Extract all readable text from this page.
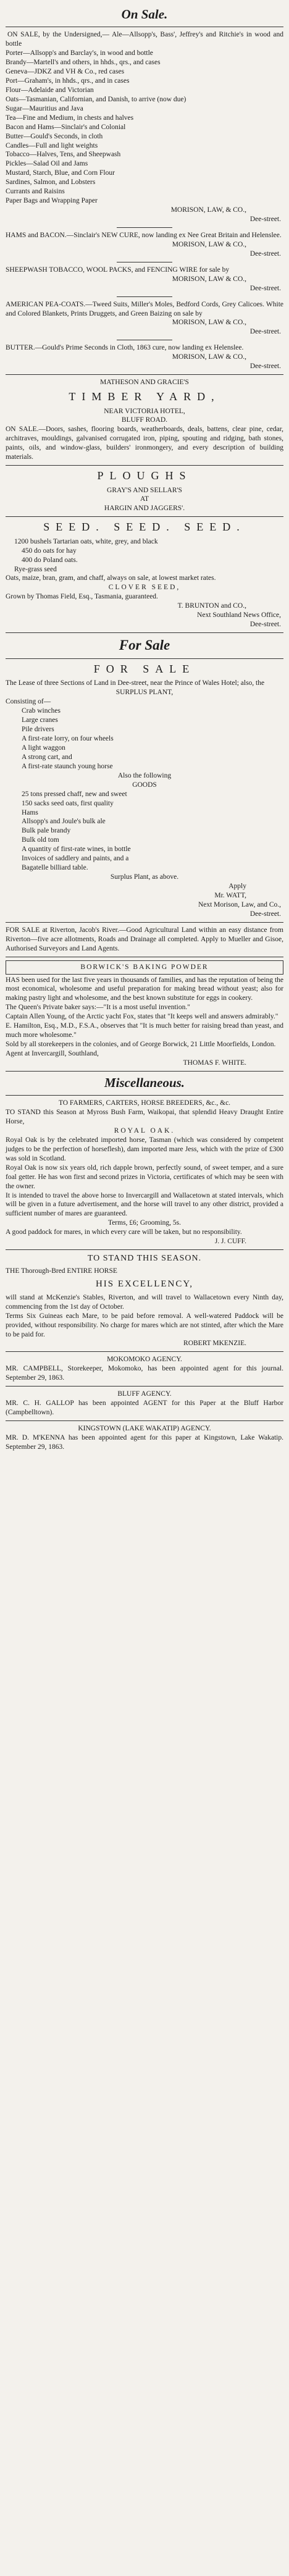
On Sale.

ON SALE, by the Undersigned,— Ale—Allsopp's, Bass', Jeffrey's and Ritchie's in wood and bottle

Porter—Allsopp's and Barclay's, in wood and bottle

Brandy—Martell's and others, in hhds., qrs., and cases

Geneva—JDKZ and VH & Co., red cases

Port—Graham's, in hhds., qrs., and in cases

Flour—Adelaide and Victorian

Oats—Tasmanian, Californian, and Danish, to arrive (now due)

Sugar—Mauritius and Java

Tea—Fine and Medium, in chests and halves

Bacon and Hams—Sinclair's and Colonial

Butter—Gould's Seconds, in cloth

Candles—Full and light weights

Tobacco—Halves, Tens, and Sheepwash

Pickles—Salad Oil and Jams

Mustard, Starch, Blue, and Corn Flour

Sardines, Salmon, and Lobsters

Currants and Raisins

Paper Bags and Wrapping Paper

MORISON, LAW, & CO.,

Dee-street.

HAMS and BACON.—Sinclair's NEW CURE, now landing ex Nee Great Britain and Helenslee.

MORISON, LAW & CO.,

Dee-street.

SHEEPWASH TOBACCO, WOOL PACKS, and FENCING WIRE for sale by

MORISON, LAW & CO.,

Dee-street.

AMERICAN PEA-COATS.—Tweed Suits, Miller's Moles, Bedford Cords, Grey Calicoes. White and Colored Blankets, Prints Druggets, and Green Baizing on sale by

MORISON, LAW & CO.,

Dee-street.

BUTTER.—Gould's Prime Seconds in Cloth, 1863 cure, now landing ex Helenslee.

MORISON, LAW & CO.,

Dee-street.

MATHESON AND GRACIE'S

TIMBER YARD,

NEAR VICTORIA HOTEL,

BLUFF ROAD.

ON SALE.—Doors, sashes, flooring boards, weatherboards, deals, battens, clear pine, cedar, architraves, mouldings, galvanised corrugated iron, piping, spouting and ridging, bath stones, paints, oils, and window-glass, builders' ironmongery, and every description of building materials.

PLOUGHS

GRAY'S AND SELLAR'S

AT

HARGIN AND JAGGERS'.

SEED. SEED. SEED.

1200 bushels Tartarian oats, white, grey, and black

450 do oats for hay

400 do Poland oats.

Rye-grass seed

Oats, maize, bran, gram, and chaff, always on sale, at lowest market rates.

CLOVER SEED,

Grown by Thomas Field, Esq., Tasmania, guaranteed.

T. BRUNTON and CO.,

Next Southland News Office,

Dee-street.

For Sale

FOR SALE

The Lease of three Sections of Land in Dee-street, near the Prince of Wales Hotel; also, the

SURPLUS PLANT,

Consisting of—

Crab winches

Large cranes

Pile drivers

A first-rate lorry, on four wheels

A light waggon

A strong cart, and

A first-rate staunch young horse

Also the following

GOODS

25 tons pressed chaff, new and sweet

150 sacks seed oats, first quality

Hams

Allsopp's and Joule's bulk ale

Bulk pale brandy

Bulk old tom

A quantity of first-rate wines, in bottle

Invoices of saddlery and paints, and a

Bagatelle billiard table.

Surplus Plant, as above.

Apply

Mr. WATT,

Next Morison, Law, and Co.,

Dee-street.

FOR SALE at Riverton, Jacob's River.—Good Agricultural Land within an easy distance from Riverton—five acre allotments, Roads and Drainage all completed. Apply to Mueller and Gisoe, Authorised Surveyors and Land Agents.

BORWICK'S BAKING POWDER

HAS been used for the last five years in thousands of families, and has the reputation of being the most economical, wholesome and useful preparation for making bread without yeast; also for making pastry light and wholesome, and the best known substitute for eggs in cookery.

The Queen's Private baker says:—"It is a most useful invention."

Captain Allen Young, of the Arctic yacht Fox, states that "It keeps well and answers admirably."

E. Hamilton, Esq., M.D., F.S.A., observes that "It is much better for raising bread than yeast, and much more wholesome."

Sold by all storekeepers in the colonies, and of George Borwick, 21 Little Moorfields, London.

Agent at Invercargill, Southland,

THOMAS F. WHITE.

Miscellaneous.

TO FARMERS, CARTERS, HORSE BREEDERS, &c., &c.

TO STAND this Season at Myross Bush Farm, Waikopai, that splendid Heavy Draught Entire Horse,

ROYAL OAK.

Royal Oak is by the celebrated imported horse, Tasman (which was considered by competent judges to be the perfection of horseflesh), dam imported mare Jess, which with the prize of £300 was sold in Scotland.

Royal Oak is now six years old, rich dapple brown, perfectly sound, of sweet temper, and a sure foal getter. He has won first and second prizes in Victoria, certificates of which may be seen with the owner.

It is intended to travel the above horse to Invercargill and Wallacetown at stated intervals, which will be given in a future advertisement, and the horse will travel to any other district, provided a sufficient number of mares are guaranteed.

Terms, £6; Grooming, 5s.

A good paddock for mares, in which every care will be taken, but no responsibility.

J. J. CUFF.

TO STAND THIS SEASON.

THE Thorough-Bred ENTIRE HORSE

HIS EXCELLENCY,

will stand at McKenzie's Stables, Riverton, and will travel to Wallacetown every Ninth day, commencing from the 1st day of October.

Terms Six Guineas each Mare, to be paid before removal. A well-watered Paddock will be provided, without responsibility. No charge for mares which are not stinted, after which the Mare to be paid for.

ROBERT MKENZIE.

MOKOMOKO AGENCY.

MR. CAMPBELL, Storekeeper, Mokomoko, has been appointed agent for this journal. September 29, 1863.

BLUFF AGENCY.

MR. C. H. GALLOP has been appointed AGENT for this Paper at the Bluff Harbor (Campbelltown).

KINGSTOWN (LAKE WAKATIP) AGENCY.

MR. D. M'KENNA has been appointed agent for this paper at Kingstown, Lake Wakatip. September 29, 1863.
